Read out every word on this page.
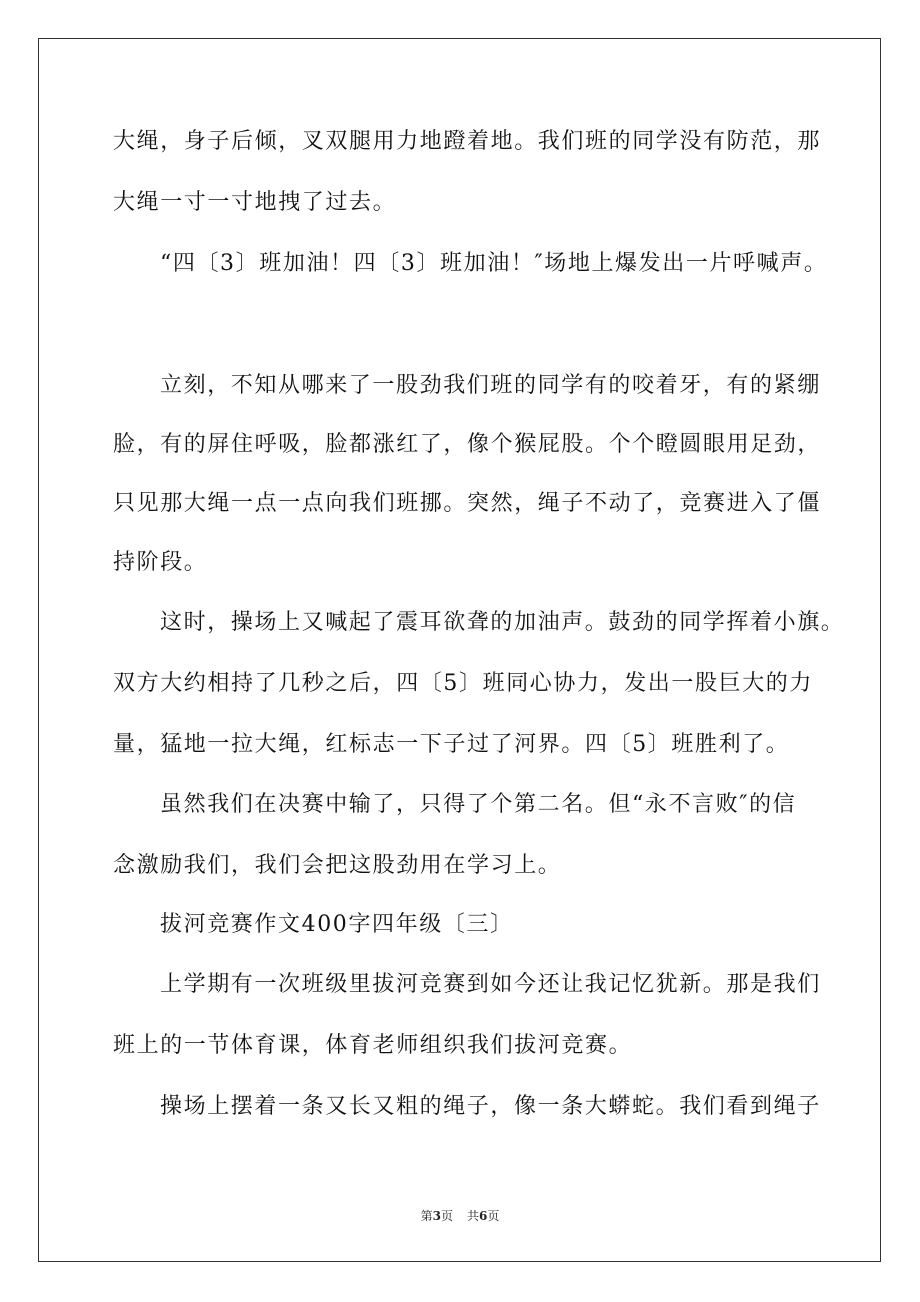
大绳，身子后倾，叉双腿用力地蹬着地。我们班的同学没有防范，那
大绳一寸一寸地拽了过去。
“四〔3〕班加油！四〔3〕班加油！″场地上爆发出一片呼喊声。
立刻，不知从哪来了一股劲我们班的同学有的咬着牙，有的紧绷
脸，有的屏住呼吸，脸都涨红了，像个猴屁股。个个瞪圆眼用足劲，
只见那大绳一点一点向我们班挪。突然，绳子不动了，竞赛进入了僵
持阶段。
这时，操场上又喊起了震耳欲聋的加油声。鼓劲的同学挥着小旗。
双方大约相持了几秒之后，四〔5〕班同心协力，发出一股巨大的力
量，猛地一拉大绳，红标志一下子过了河界。四〔5〕班胜利了。
虽然我们在决赛中输了，只得了个第二名。但“永不言败″的信
念激励我们，我们会把这股劲用在学习上。
拔河竞赛作文400字四年级〔三〕
上学期有一次班级里拔河竞赛到如今还让我记忆犹新。那是我们
班上的一节体育课，体育老师组织我们拔河竞赛。
操场上摆着一条又长又粗的绳子，像一条大蟒蛇。我们看到绳子
第3页 共6页
